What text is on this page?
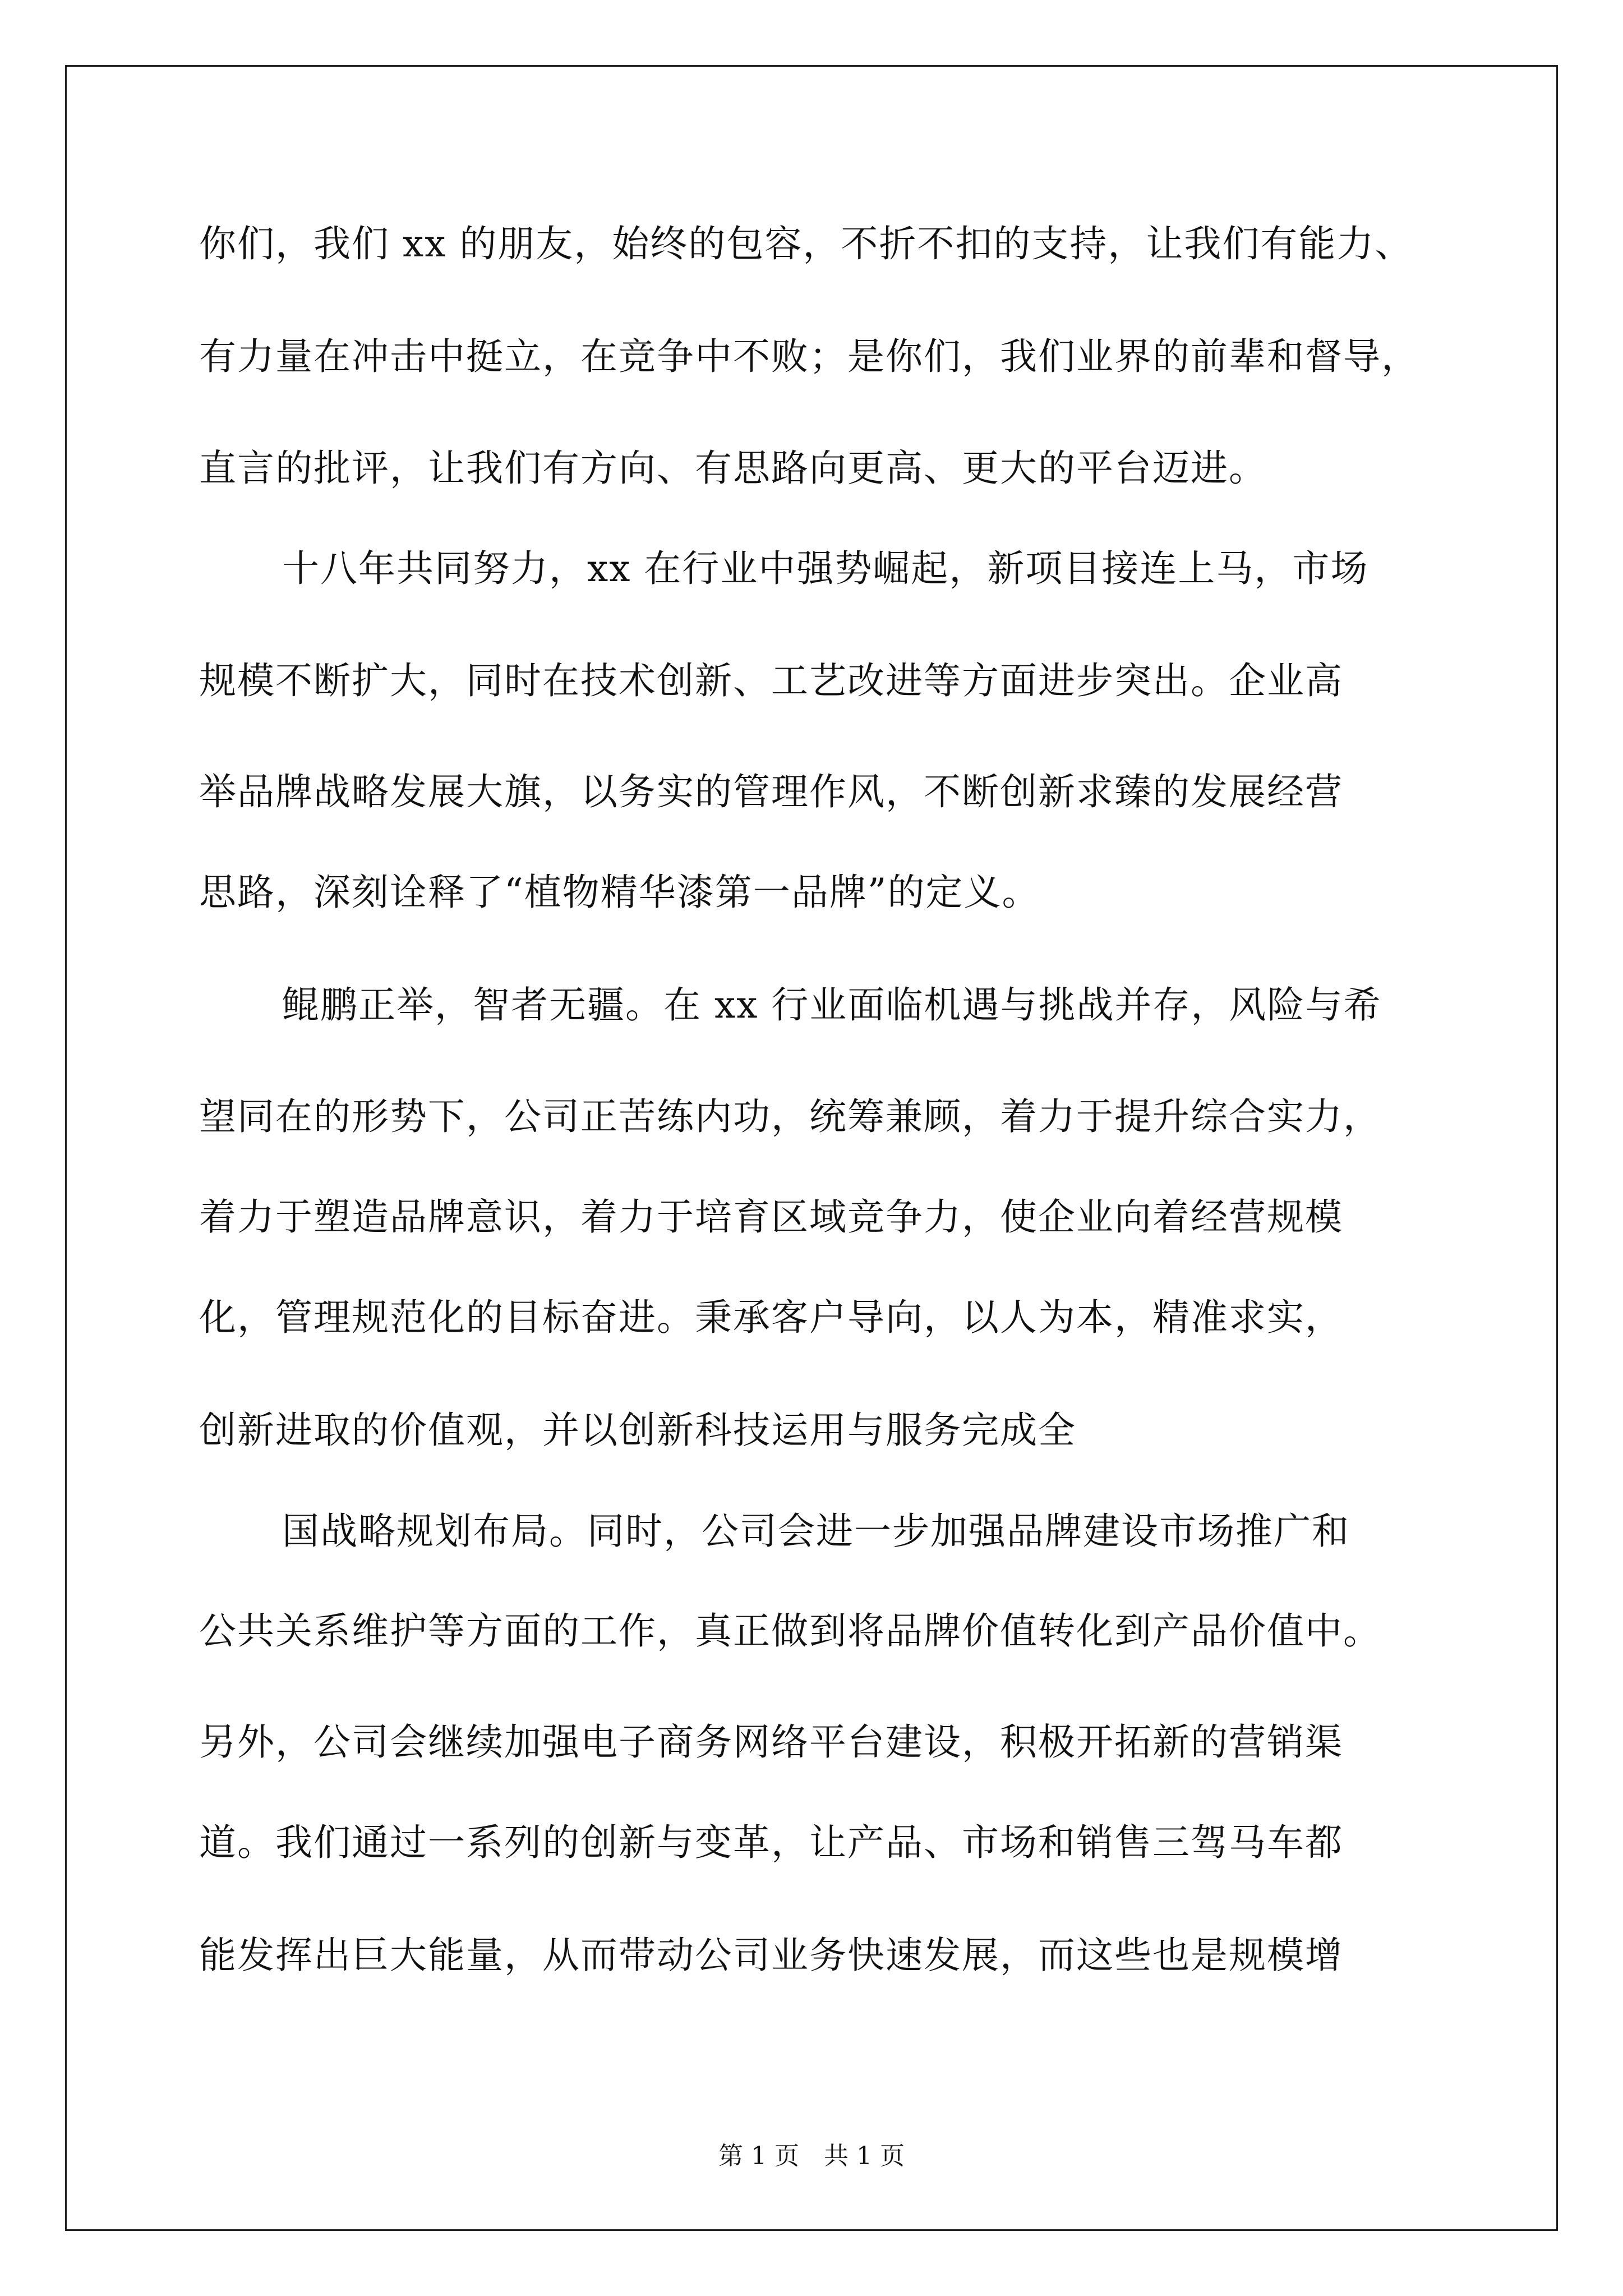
你们，我们 xx 的朋友，始终的包容，不折不扣的支持，让我们有能力、
有力量在冲击中挺立，在竞争中不败；是你们，我们业界的前辈和督导，
直言的批评，让我们有方向、有思路向更高、更大的平台迈进。
十八年共同努力，xx 在行业中强势崛起，新项目接连上马，市场
规模不断扩大，同时在技术创新、工艺改进等方面进步突出。企业高
举品牌战略发展大旗，以务实的管理作风，不断创新求臻的发展经营
思路，深刻诠释了“植物精华漆第一品牌”的定义。
鲲鹏正举，智者无疆。在 xx 行业面临机遇与挑战并存，风险与希
望同在的形势下，公司正苦练内功，统筹兼顾，着力于提升综合实力，
着力于塑造品牌意识，着力于培育区域竞争力，使企业向着经营规模
化，管理规范化的目标奋进。秉承客户导向，以人为本，精准求实，
创新进取的价值观，并以创新科技运用与服务完成全
国战略规划布局。同时，公司会进一步加强品牌建设市场推广和
公共关系维护等方面的工作，真正做到将品牌价值转化到产品价值中。
另外，公司会继续加强电子商务网络平台建设，积极开拓新的营销渠
道。我们通过一系列的创新与变革，让产品、市场和销售三驾马车都
能发挥出巨大能量，从而带动公司业务快速发展，而这些也是规模增
第 1 页　共 1 页
